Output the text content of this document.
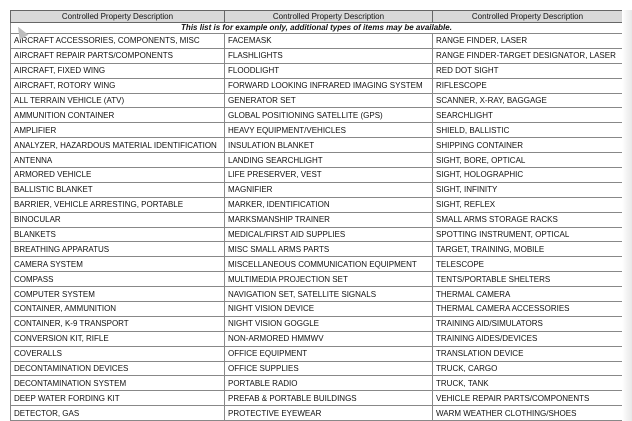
Controlled Property Description	Controlled Property Description	Controlled Property Description
This list is for example only, additional types of items may be available.		
AIRCRAFT ACCESSORIES, COMPONENTS, MISC	FACEMASK	RANGE FINDER, LASER
AIRCRAFT REPAIR PARTS/COMPONENTS	FLASHLIGHTS	RANGE FINDER-TARGET DESIGNATOR, LASER
AIRCRAFT, FIXED WING	FLOODLIGHT	RED DOT SIGHT
AIRCRAFT, ROTORY WING	FORWARD LOOKING INFRARED IMAGING SYSTEM	RIFLESCOPE
ALL TERRAIN VEHICLE (ATV)	GENERATOR SET	SCANNER, X-RAY, BAGGAGE
AMMUNITION CONTAINER	GLOBAL POSITIONING SATELLITE (GPS)	SEARCHLIGHT
AMPLIFIER	HEAVY EQUIPMENT/VEHICLES	SHIELD, BALLISTIC
ANALYZER, HAZARDOUS MATERIAL IDENTIFICATION	INSULATION BLANKET	SHIPPING CONTAINER
ANTENNA	LANDING SEARCHLIGHT	SIGHT, BORE, OPTICAL
ARMORED VEHICLE	LIFE PRESERVER, VEST	SIGHT, HOLOGRAPHIC
BALLISTIC BLANKET	MAGNIFIER	SIGHT, INFINITY
BARRIER, VEHICLE ARRESTING, PORTABLE	MARKER, IDENTIFICATION	SIGHT, REFLEX
BINOCULAR	MARKSMANSHIP TRAINER	SMALL ARMS STORAGE RACKS
BLANKETS	MEDICAL/FIRST AID SUPPLIES	SPOTTING INSTRUMENT, OPTICAL
BREATHING APPARATUS	MISC SMALL ARMS PARTS	TARGET, TRAINING, MOBILE
CAMERA SYSTEM	MISCELLANEOUS COMMUNICATION EQUIPMENT	TELESCOPE
COMPASS	MULTIMEDIA PROJECTION SET	TENTS/PORTABLE SHELTERS
COMPUTER SYSTEM	NAVIGATION SET, SATELLITE SIGNALS	THERMAL CAMERA
CONTAINER, AMMUNITION	NIGHT VISION DEVICE	THERMAL CAMERA ACCESSORIES
CONTAINER, K-9 TRANSPORT	NIGHT VISION GOGGLE	TRAINING AID/SIMULATORS
CONVERSION KIT, RIFLE	NON-ARMORED HMMWV	TRAINING AIDES/DEVICES
COVERALLS	OFFICE EQUIPMENT	TRANSLATION DEVICE
DECONTAMINATION DEVICES	OFFICE SUPPLIES	TRUCK, CARGO
DECONTAMINATION SYSTEM	PORTABLE RADIO	TRUCK, TANK
DEEP WATER FORDING KIT	PREFAB & PORTABLE BUILDINGS	VEHICLE REPAIR PARTS/COMPONENTS
DETECTOR, GAS	PROTECTIVE EYEWEAR	WARM WEATHER CLOTHING/SHOES
